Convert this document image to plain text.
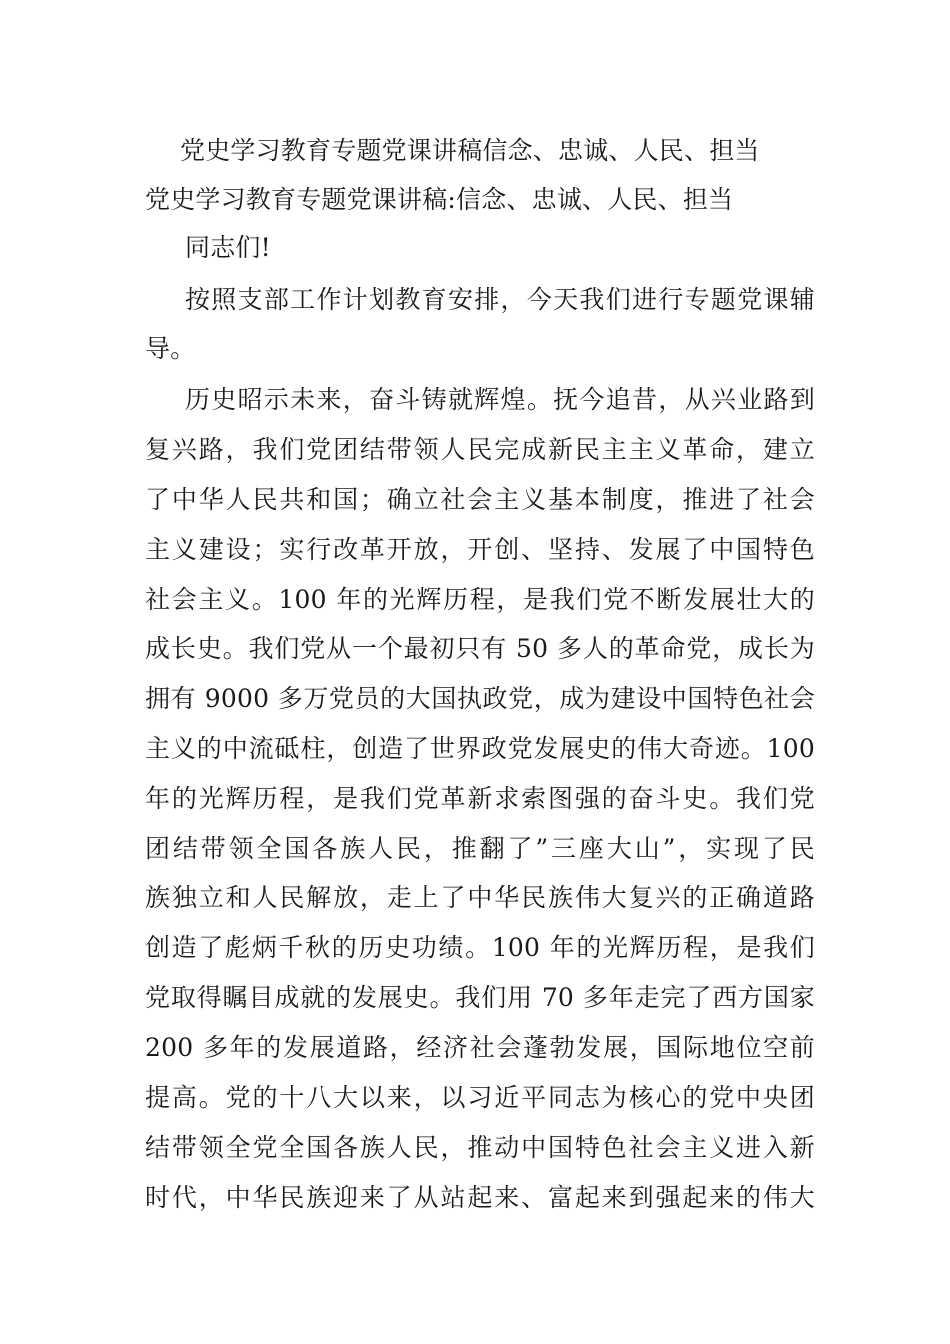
党史学习教育专题党课讲稿信念、忠诚、人民、担当
党史学习教育专题党课讲稿:信念、忠诚、人民、担当
同志们!
按照支部工作计划教育安排，今天我们进行专题党课辅
导。
历史昭示未来，奋斗铸就辉煌。抚今追昔，从兴业路到
复兴路，我们党团结带领人民完成新民主主义革命，建立
了中华人民共和国；确立社会主义基本制度，推进了社会
主义建设；实行改革开放，开创、坚持、发展了中国特色
社会主义。100 年的光辉历程，是我们党不断发展壮大的
成长史。我们党从一个最初只有 50 多人的革命党，成长为
拥有 9000 多万党员的大国执政党，成为建设中国特色社会
主义的中流砥柱，创造了世界政党发展史的伟大奇迹。100
年的光辉历程，是我们党革新求索图强的奋斗史。我们党
团结带领全国各族人民，推翻了”三座大山”，实现了民
族独立和人民解放，走上了中华民族伟大复兴的正确道路
创造了彪炳千秋的历史功绩。100 年的光辉历程，是我们
党取得瞩目成就的发展史。我们用 70 多年走完了西方国家
200 多年的发展道路，经济社会蓬勃发展，国际地位空前
提高。党的十八大以来，以习近平同志为核心的党中央团
结带领全党全国各族人民，推动中国特色社会主义进入新
时代，中华民族迎来了从站起来、富起来到强起来的伟大
